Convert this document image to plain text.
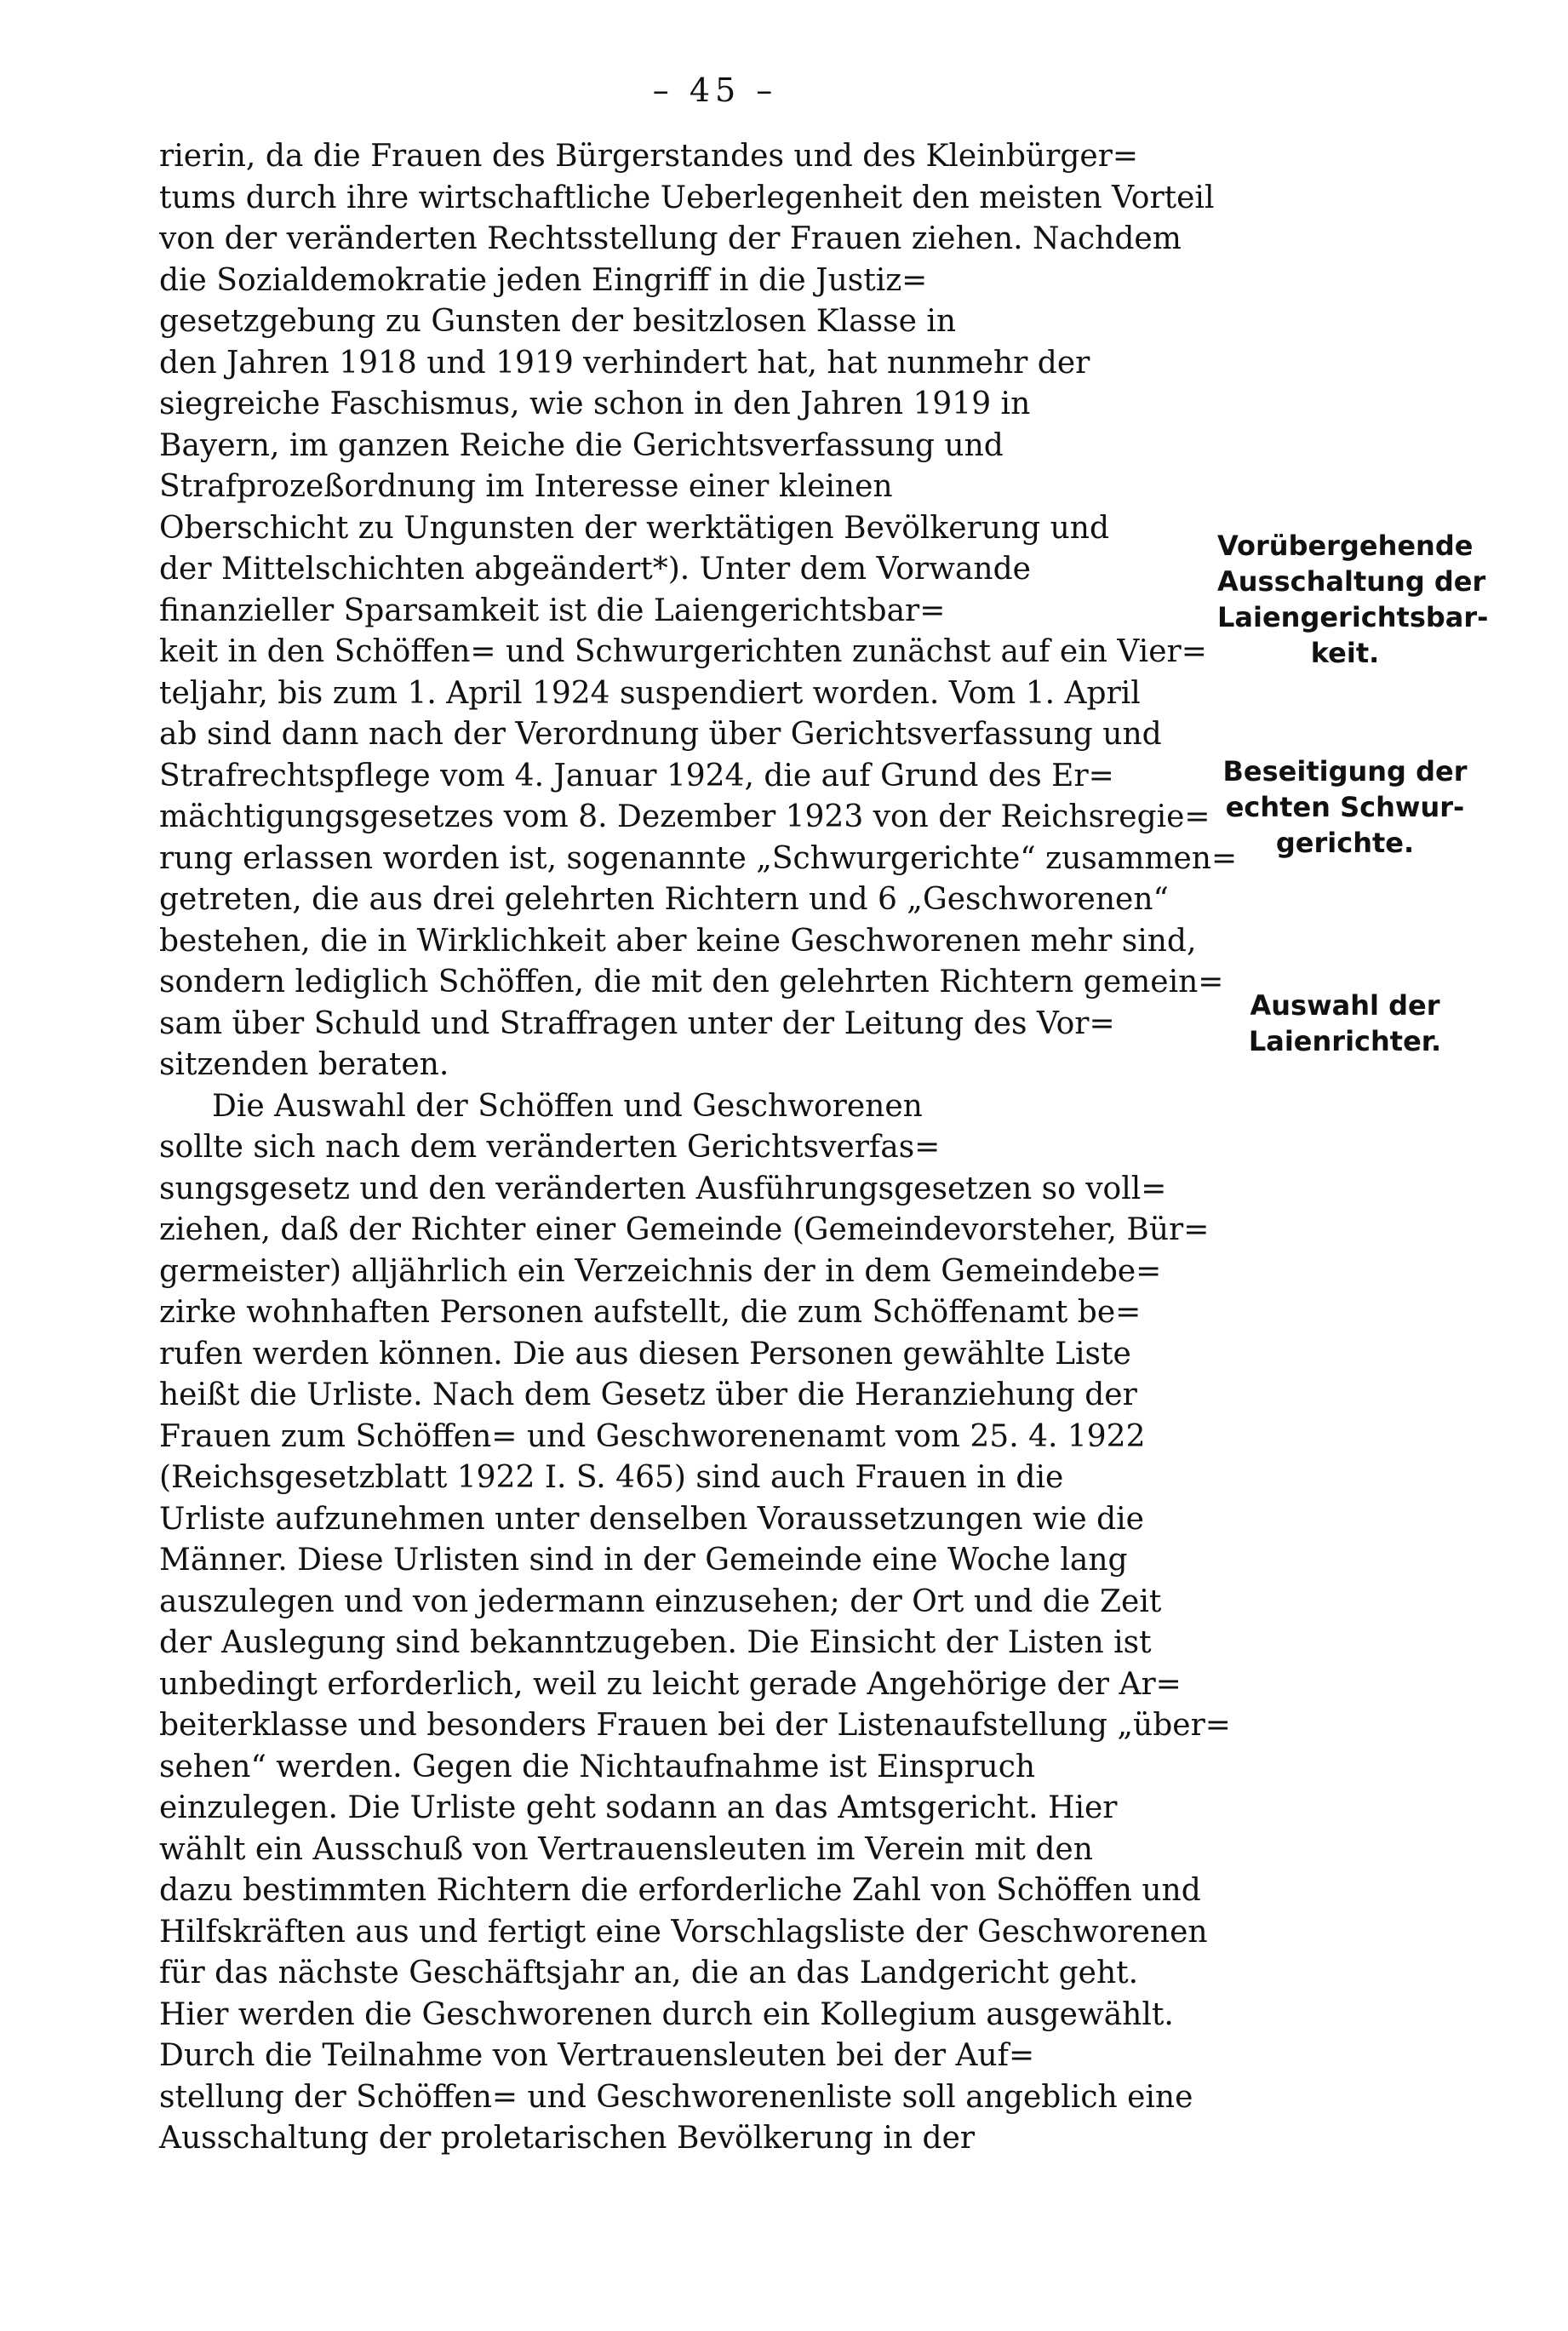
– 45 –
rierin, da die Frauen des Bürgerstandes und des Kleinbürger=
tums durch ihre wirtschaftliche Ueberlegenheit den meisten Vorteil
von der veränderten Rechtsstellung der Frauen ziehen. Nachdem
die Sozialdemokratie jeden Eingriff in die Justiz=
gesetzgebung zu Gunsten der besitzlosen Klasse in
den Jahren 1918 und 1919 verhindert hat, hat nunmehr der
siegreiche Faschismus, wie schon in den Jahren 1919 in
Bayern, im ganzen Reiche die Gerichtsverfassung und
Strafprozeßordnung im Interesse einer kleinen
Oberschicht zu Ungunsten der werktätigen Bevölkerung und
der Mittelschichten abgeändert*). Unter dem Vorwande
finanzieller Sparsamkeit ist die Laiengerichtsbar=
keit in den Schöffen= und Schwurgerichten zunächst auf ein Vier=
teljahr, bis zum 1. April 1924 suspendiert worden. Vom 1. April
ab sind dann nach der Verordnung über Gerichtsverfassung und
Strafrechtspflege vom 4. Januar 1924, die auf Grund des Er=
mächtigungsgesetzes vom 8. Dezember 1923 von der Reichsregie=
rung erlassen worden ist, sogenannte „Schwurgerichte“ zusammen=
getreten, die aus drei gelehrten Richtern und 6 „Geschworenen“
bestehen, die in Wirklichkeit aber keine Geschworenen mehr sind,
sondern lediglich Schöffen, die mit den gelehrten Richtern gemein=
sam über Schuld und Straffragen unter der Leitung des Vor=
sitzenden beraten.
Die Auswahl der Schöffen und Geschworenen
sollte sich nach dem veränderten Gerichtsverfas=
sungsgesetz und den veränderten Ausführungsgesetzen so voll=
ziehen, daß der Richter einer Gemeinde (Gemeindevorsteher, Bür=
germeister) alljährlich ein Verzeichnis der in dem Gemeindebe=
zirke wohnhaften Personen aufstellt, die zum Schöffenamt be=
rufen werden können. Die aus diesen Personen gewählte Liste
heißt die Urliste. Nach dem Gesetz über die Heranziehung der
Frauen zum Schöffen= und Geschworenenamt vom 25. 4. 1922
(Reichsgesetzblatt 1922 I. S. 465) sind auch Frauen in die
Urliste aufzunehmen unter denselben Voraussetzungen wie die
Männer. Diese Urlisten sind in der Gemeinde eine Woche lang
auszulegen und von jedermann einzusehen; der Ort und die Zeit
der Auslegung sind bekanntzugeben. Die Einsicht der Listen ist
unbedingt erforderlich, weil zu leicht gerade Angehörige der Ar=
beiterklasse und besonders Frauen bei der Listenaufstellung „über=
sehen“ werden. Gegen die Nichtaufnahme ist Einspruch
einzulegen. Die Urliste geht sodann an das Amtsgericht. Hier
wählt ein Ausschuß von Vertrauensleuten im Verein mit den
dazu bestimmten Richtern die erforderliche Zahl von Schöffen und
Hilfskräften aus und fertigt eine Vorschlagsliste der Geschworenen
für das nächste Geschäftsjahr an, die an das Landgericht geht.
Hier werden die Geschworenen durch ein Kollegium ausgewählt.
Durch die Teilnahme von Vertrauensleuten bei der Auf=
stellung der Schöffen= und Geschworenenliste soll angeblich eine
Ausschaltung der proletarischen Bevölkerung in der
Vorübergehende
Ausschaltung der
Laiengerichtsbar-
keit.
Beseitigung der
echten Schwur-
gerichte.
Auswahl der
Laienrichter.
